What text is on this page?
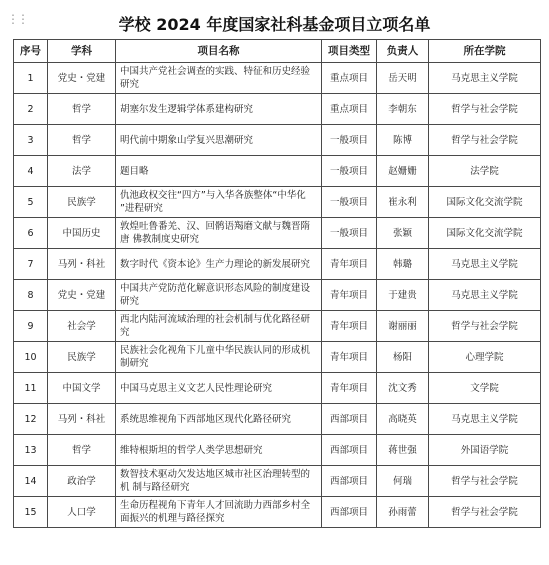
⋮⋮	学校 2024 年度国家社科基金项目立项名单
序号	学科	项目名称	项目类型	负责人	所在学院
1	党史・党建	中国共产党社会调查的实践、特征和历史经验研究	重点项目	岳天明	马克思主义学院
2	哲学	胡塞尔发生逻辑学体系建构研究	重点项目	李朝东	哲学与社会学院
3	哲学	明代前中期象山学复兴思潮研究	一般项目	陈博	哲学与社会学院
4	法学	题目略	一般项目	赵姗姗	法学院
5	民族学	仇池政权交往“四方”与入华各族整体“中华化 ”进程研究	一般项目	崔永利	国际文化交流学院
6	中国历史	敦煌吐鲁番羌、汉、回鹘语羯磨文献与魏晋隋唐 佛教制度史研究	一般项目	张颖	国际文化交流学院
7	马列・科社	数字时代《资本论》生产力理论的新发展研究	青年项目	韩璐	马克思主义学院
8	党史・党建	中国共产党防范化解意识形态风险的制度建设研究	青年项目	于建贵	马克思主义学院
9	社会学	西北内陆河流域治理的社会机制与优化路径研究	青年项目	谢丽丽	哲学与社会学院
10	民族学	民族社会化视角下儿童中华民族认同的形成机制研究	青年项目	杨阳	心理学院
11	中国文学	中国马克思主义文艺人民性理论研究	青年项目	沈文秀	文学院
12	马列・科社	系统思维视角下西部地区现代化路径研究	西部项目	高晓英	马克思主义学院
13	哲学	维特根斯坦的哲学人类学思想研究	西部项目	蒋世强	外国语学院
14	政治学	数智技术驱动欠发达地区城市社区治理转型的机 制与路径研究	西部项目	何瑞	哲学与社会学院
15	人口学	生命历程视角下青年人才回流助力西部乡村全面振兴的机理与路径探究	西部项目	孙雨蕾	哲学与社会学院
